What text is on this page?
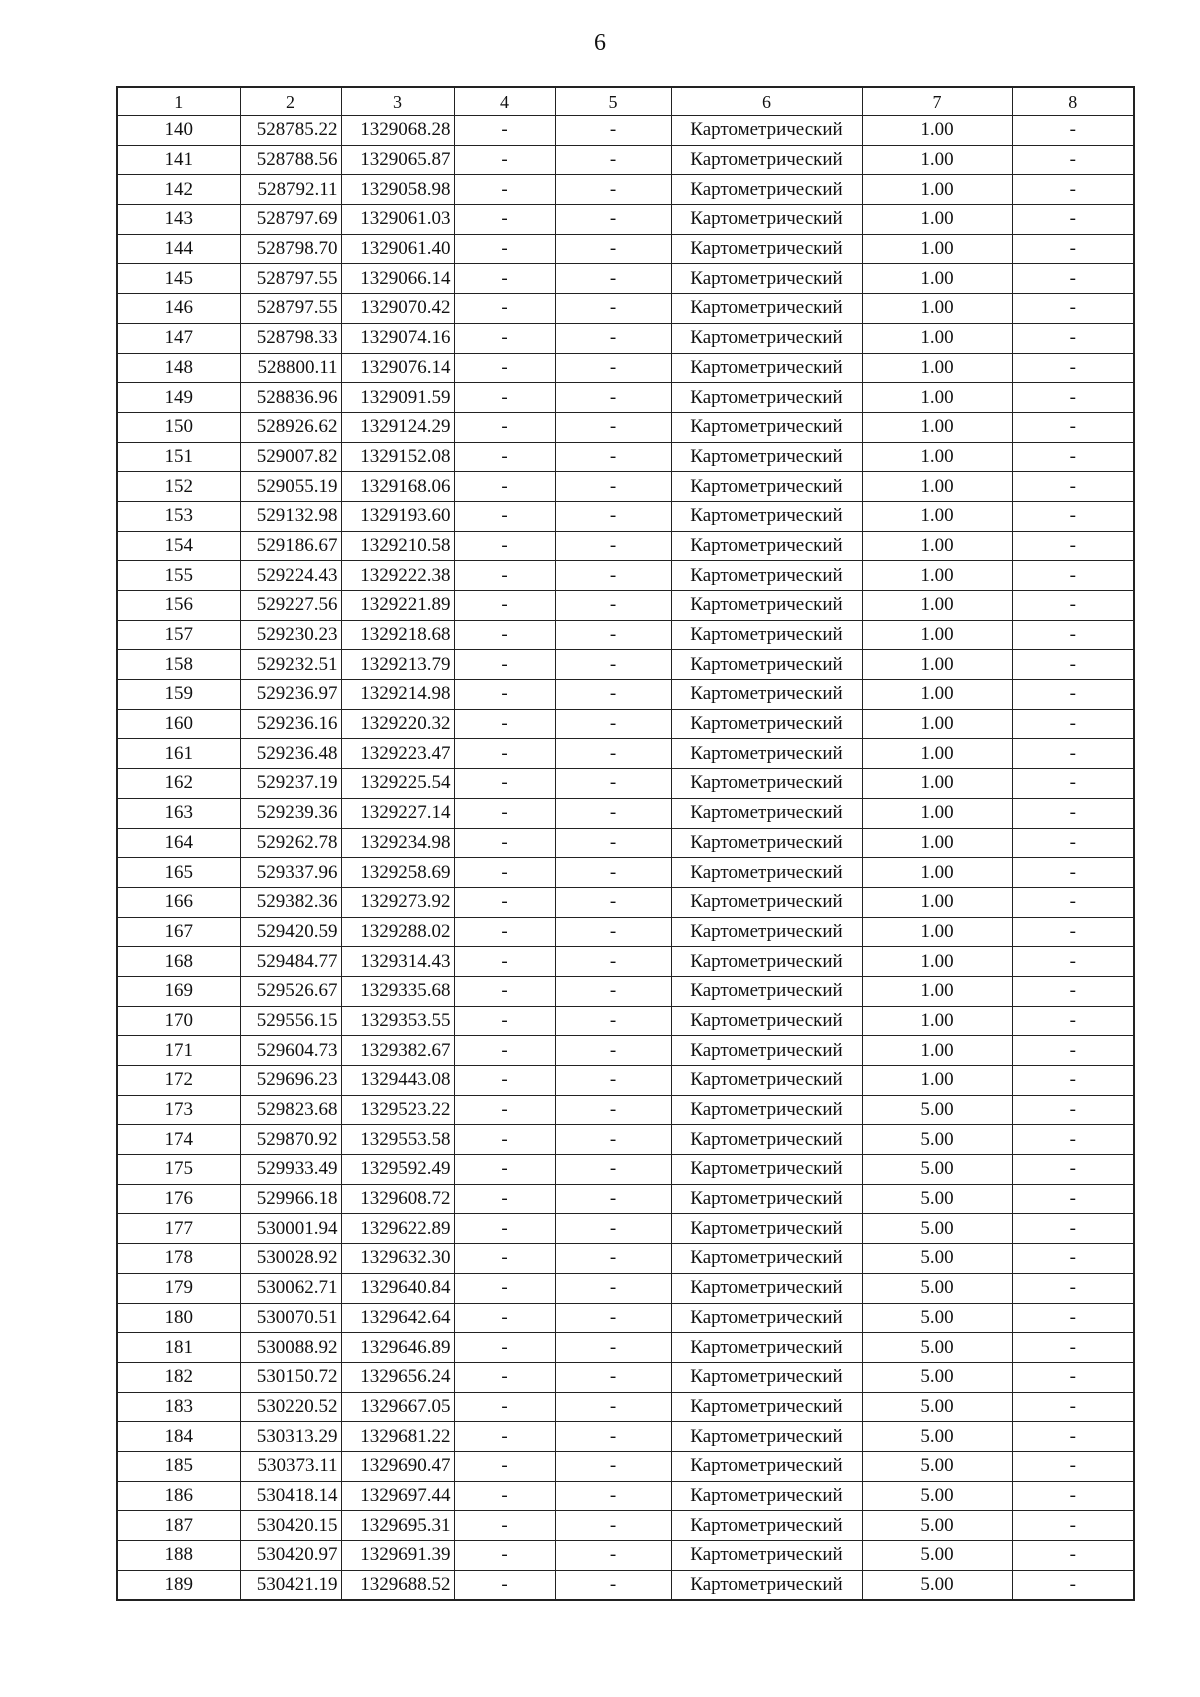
6
1	2	3	4	5	6	7	8
140	528785.22	1329068.28	-	-	Картометрический	1.00	-
141	528788.56	1329065.87	-	-	Картометрический	1.00	-
142	528792.11	1329058.98	-	-	Картометрический	1.00	-
143	528797.69	1329061.03	-	-	Картометрический	1.00	-
144	528798.70	1329061.40	-	-	Картометрический	1.00	-
145	528797.55	1329066.14	-	-	Картометрический	1.00	-
146	528797.55	1329070.42	-	-	Картометрический	1.00	-
147	528798.33	1329074.16	-	-	Картометрический	1.00	-
148	528800.11	1329076.14	-	-	Картометрический	1.00	-
149	528836.96	1329091.59	-	-	Картометрический	1.00	-
150	528926.62	1329124.29	-	-	Картометрический	1.00	-
151	529007.82	1329152.08	-	-	Картометрический	1.00	-
152	529055.19	1329168.06	-	-	Картометрический	1.00	-
153	529132.98	1329193.60	-	-	Картометрический	1.00	-
154	529186.67	1329210.58	-	-	Картометрический	1.00	-
155	529224.43	1329222.38	-	-	Картометрический	1.00	-
156	529227.56	1329221.89	-	-	Картометрический	1.00	-
157	529230.23	1329218.68	-	-	Картометрический	1.00	-
158	529232.51	1329213.79	-	-	Картометрический	1.00	-
159	529236.97	1329214.98	-	-	Картометрический	1.00	-
160	529236.16	1329220.32	-	-	Картометрический	1.00	-
161	529236.48	1329223.47	-	-	Картометрический	1.00	-
162	529237.19	1329225.54	-	-	Картометрический	1.00	-
163	529239.36	1329227.14	-	-	Картометрический	1.00	-
164	529262.78	1329234.98	-	-	Картометрический	1.00	-
165	529337.96	1329258.69	-	-	Картометрический	1.00	-
166	529382.36	1329273.92	-	-	Картометрический	1.00	-
167	529420.59	1329288.02	-	-	Картометрический	1.00	-
168	529484.77	1329314.43	-	-	Картометрический	1.00	-
169	529526.67	1329335.68	-	-	Картометрический	1.00	-
170	529556.15	1329353.55	-	-	Картометрический	1.00	-
171	529604.73	1329382.67	-	-	Картометрический	1.00	-
172	529696.23	1329443.08	-	-	Картометрический	1.00	-
173	529823.68	1329523.22	-	-	Картометрический	5.00	-
174	529870.92	1329553.58	-	-	Картометрический	5.00	-
175	529933.49	1329592.49	-	-	Картометрический	5.00	-
176	529966.18	1329608.72	-	-	Картометрический	5.00	-
177	530001.94	1329622.89	-	-	Картометрический	5.00	-
178	530028.92	1329632.30	-	-	Картометрический	5.00	-
179	530062.71	1329640.84	-	-	Картометрический	5.00	-
180	530070.51	1329642.64	-	-	Картометрический	5.00	-
181	530088.92	1329646.89	-	-	Картометрический	5.00	-
182	530150.72	1329656.24	-	-	Картометрический	5.00	-
183	530220.52	1329667.05	-	-	Картометрический	5.00	-
184	530313.29	1329681.22	-	-	Картометрический	5.00	-
185	530373.11	1329690.47	-	-	Картометрический	5.00	-
186	530418.14	1329697.44	-	-	Картометрический	5.00	-
187	530420.15	1329695.31	-	-	Картометрический	5.00	-
188	530420.97	1329691.39	-	-	Картометрический	5.00	-
189	530421.19	1329688.52	-	-	Картометрический	5.00	-
